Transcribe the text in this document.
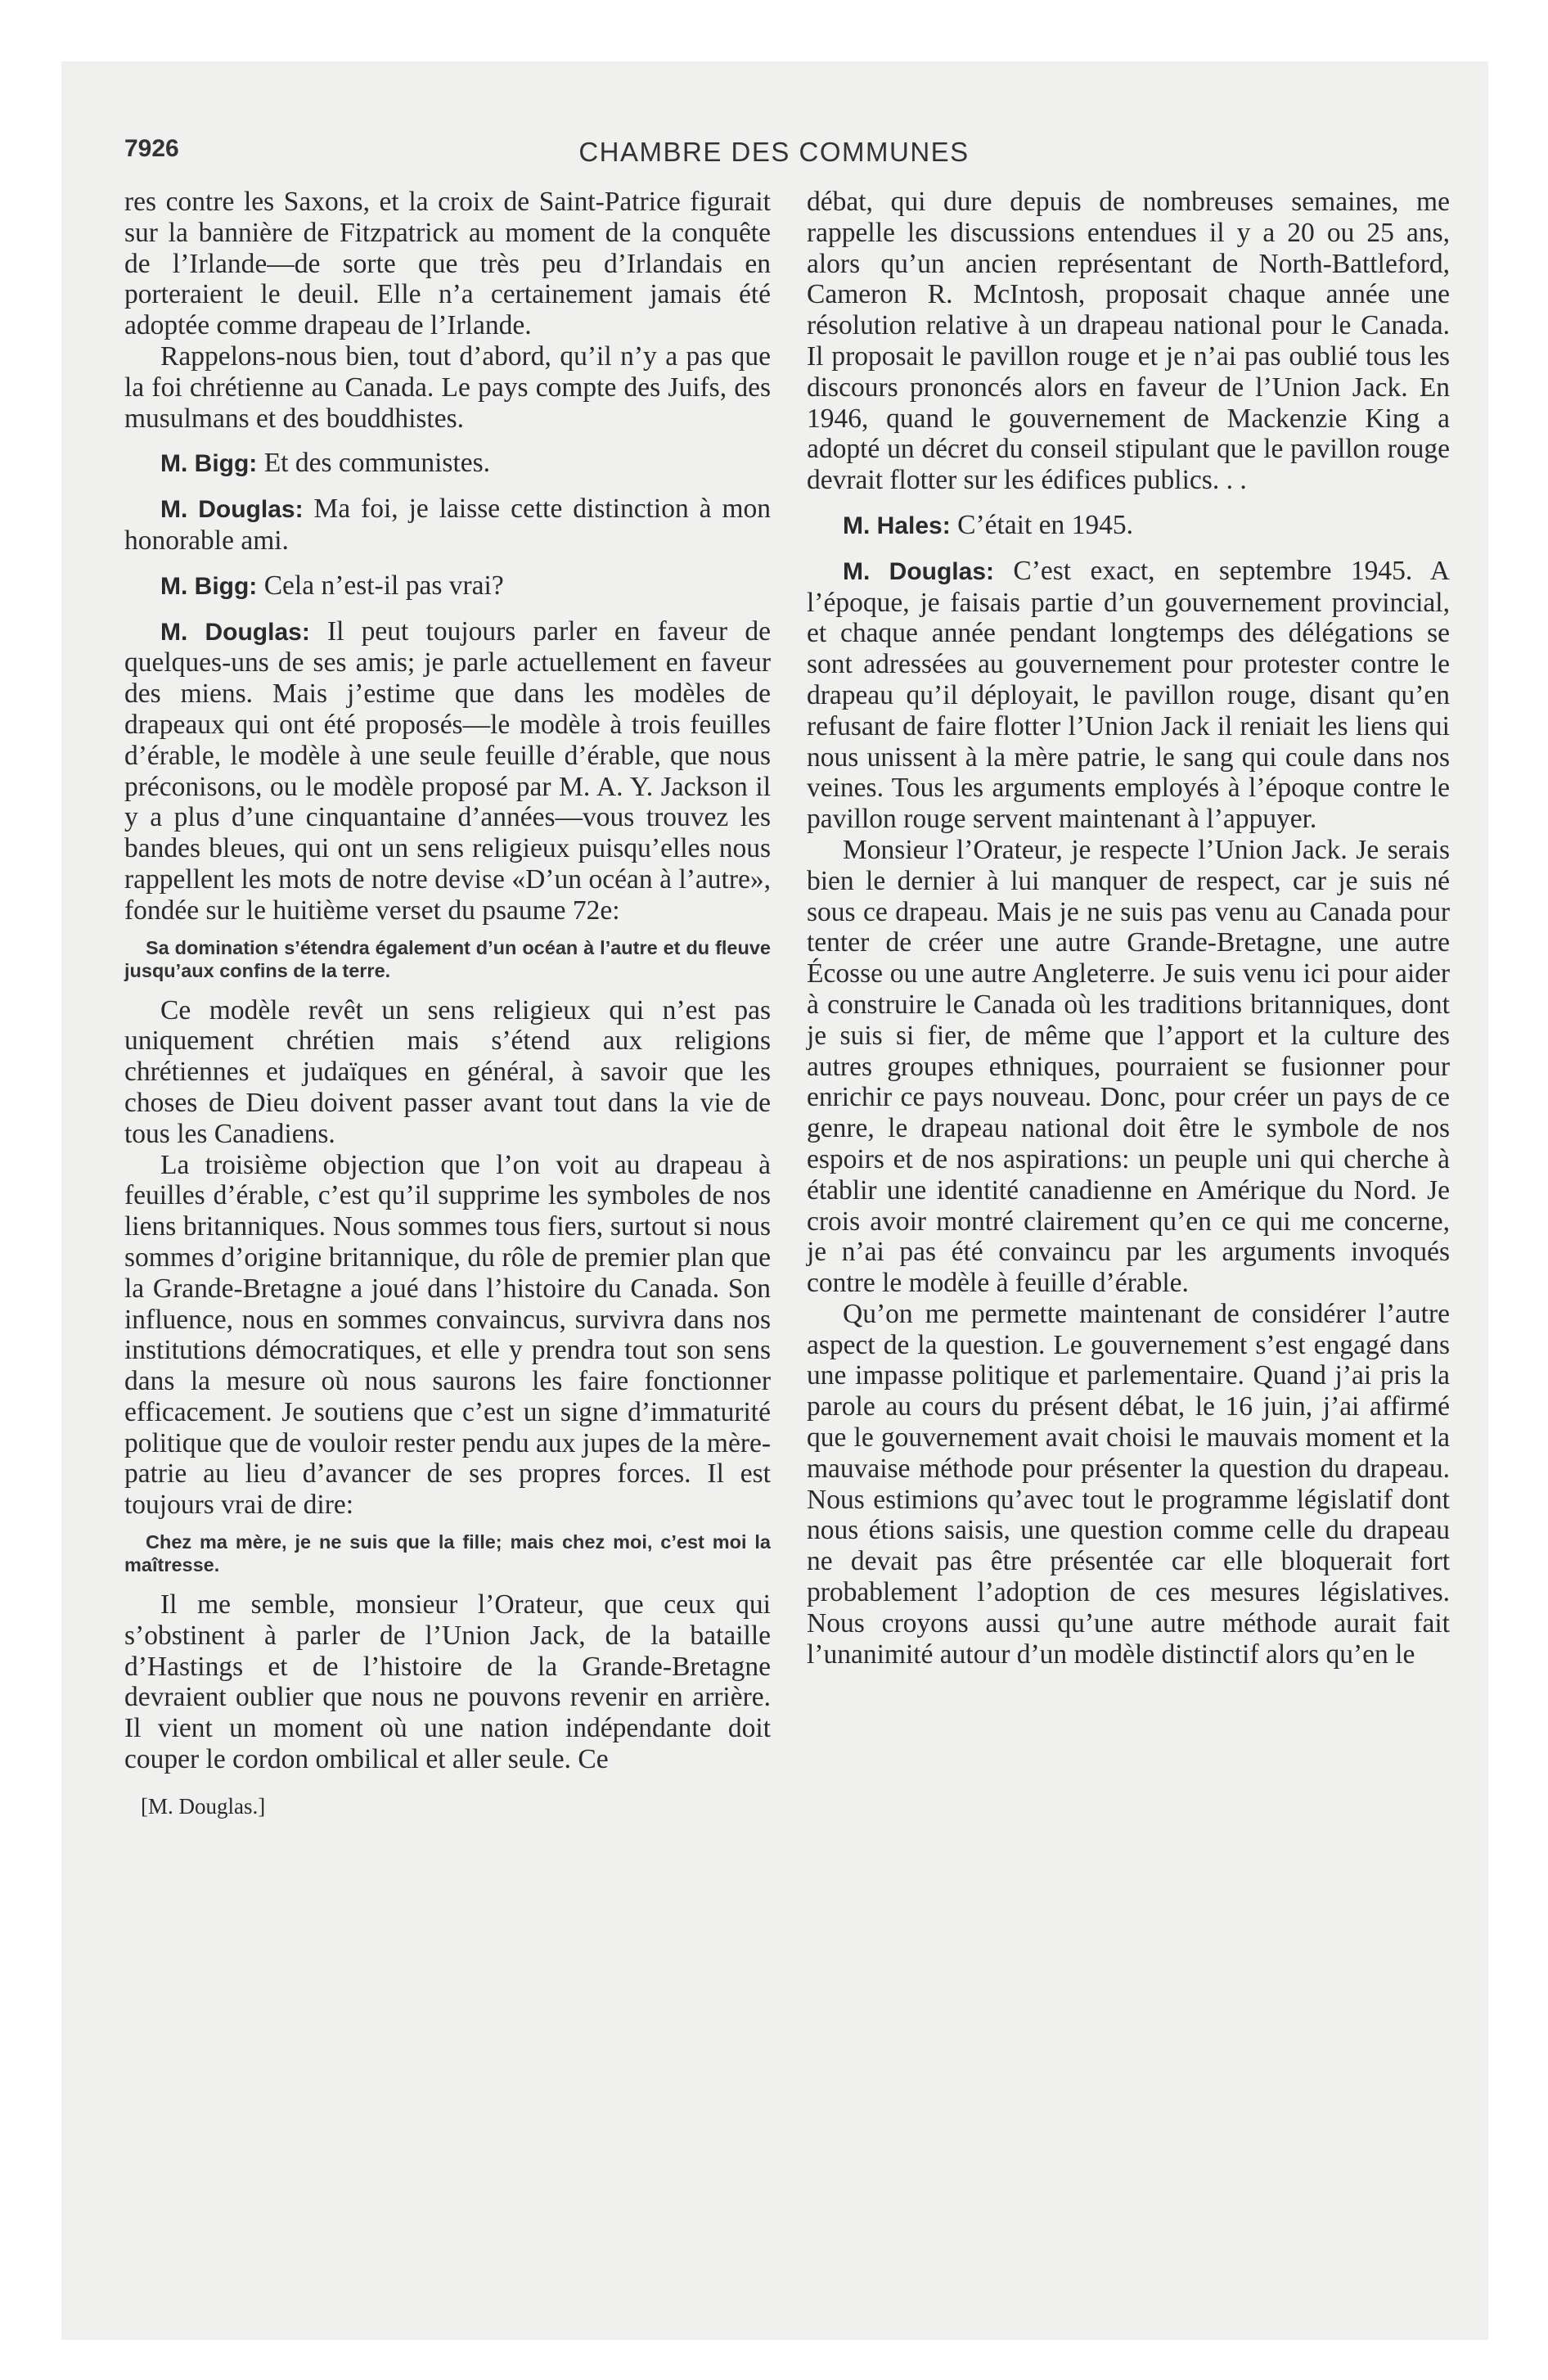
7926	CHAMBRE DES COMMUNES

res contre les Saxons, et la croix de Saint-Patrice figurait sur la bannière de Fitzpatrick au moment de la conquête de l’Irlande—de sorte que très peu d’Irlandais en porteraient le deuil. Elle n’a certainement jamais été adoptée comme drapeau de l’Irlande.

Rappelons-nous bien, tout d’abord, qu’il n’y a pas que la foi chrétienne au Canada. Le pays compte des Juifs, des musulmans et des bouddhistes.

M. Bigg: Et des communistes.

M. Douglas: Ma foi, je laisse cette distinction à mon honorable ami.

M. Bigg: Cela n’est-il pas vrai?

M. Douglas: Il peut toujours parler en faveur de quelques-uns de ses amis; je parle actuellement en faveur des miens. Mais j’estime que dans les modèles de drapeaux qui ont été proposés—le modèle à trois feuilles d’érable, le modèle à une seule feuille d’érable, que nous préconisons, ou le modèle proposé par M. A. Y. Jackson il y a plus d’une cinquantaine d’années—vous trouvez les bandes bleues, qui ont un sens religieux puisqu’elles nous rappellent les mots de notre devise «D’un océan à l’autre», fondée sur le huitième verset du psaume 72e:

Sa domination s’étendra également d’un océan à l’autre et du fleuve jusqu’aux confins de la terre.

Ce modèle revêt un sens religieux qui n’est pas uniquement chrétien mais s’étend aux religions chrétiennes et judaïques en général, à savoir que les choses de Dieu doivent passer avant tout dans la vie de tous les Canadiens.

La troisième objection que l’on voit au drapeau à feuilles d’érable, c’est qu’il supprime les symboles de nos liens britanniques. Nous sommes tous fiers, surtout si nous sommes d’origine britannique, du rôle de premier plan que la Grande-Bretagne a joué dans l’histoire du Canada. Son influence, nous en sommes convaincus, survivra dans nos institutions démocratiques, et elle y prendra tout son sens dans la mesure où nous saurons les faire fonctionner efficacement. Je soutiens que c’est un signe d’immaturité politique que de vouloir rester pendu aux jupes de la mère-patrie au lieu d’avancer de ses propres forces. Il est toujours vrai de dire:

Chez ma mère, je ne suis que la fille; mais chez moi, c’est moi la maîtresse.

Il me semble, monsieur l’Orateur, que ceux qui s’obstinent à parler de l’Union Jack, de la bataille d’Hastings et de l’histoire de la Grande-Bretagne devraient oublier que nous ne pouvons revenir en arrière. Il vient un moment où une nation indépendante doit couper le cordon ombilical et aller seule. Ce

[M. Douglas.]

débat, qui dure depuis de nombreuses semaines, me rappelle les discussions entendues il y a 20 ou 25 ans, alors qu’un ancien représentant de North-Battleford, Cameron R. McIntosh, proposait chaque année une résolution relative à un drapeau national pour le Canada. Il proposait le pavillon rouge et je n’ai pas oublié tous les discours prononcés alors en faveur de l’Union Jack. En 1946, quand le gouvernement de Mackenzie King a adopté un décret du conseil stipulant que le pavillon rouge devrait flotter sur les édifices publics. . .

M. Hales: C’était en 1945.

M. Douglas: C’est exact, en septembre 1945. A l’époque, je faisais partie d’un gouvernement provincial, et chaque année pendant longtemps des délégations se sont adressées au gouvernement pour protester contre le drapeau qu’il déployait, le pavillon rouge, disant qu’en refusant de faire flotter l’Union Jack il reniait les liens qui nous unissent à la mère patrie, le sang qui coule dans nos veines. Tous les arguments employés à l’époque contre le pavillon rouge servent maintenant à l’appuyer.

Monsieur l’Orateur, je respecte l’Union Jack. Je serais bien le dernier à lui manquer de respect, car je suis né sous ce drapeau. Mais je ne suis pas venu au Canada pour tenter de créer une autre Grande-Bretagne, une autre Écosse ou une autre Angleterre. Je suis venu ici pour aider à construire le Canada où les traditions britanniques, dont je suis si fier, de même que l’apport et la culture des autres groupes ethniques, pourraient se fusionner pour enrichir ce pays nouveau. Donc, pour créer un pays de ce genre, le drapeau national doit être le symbole de nos espoirs et de nos aspirations: un peuple uni qui cherche à établir une identité canadienne en Amérique du Nord. Je crois avoir montré clairement qu’en ce qui me concerne, je n’ai pas été convaincu par les arguments invoqués contre le modèle à feuille d’érable.

Qu’on me permette maintenant de considérer l’autre aspect de la question. Le gouvernement s’est engagé dans une impasse politique et parlementaire. Quand j’ai pris la parole au cours du présent débat, le 16 juin, j’ai affirmé que le gouvernement avait choisi le mauvais moment et la mauvaise méthode pour présenter la question du drapeau. Nous estimions qu’avec tout le programme législatif dont nous étions saisis, une question comme celle du drapeau ne devait pas être présentée car elle bloquerait fort probablement l’adoption de ces mesures législatives. Nous croyons aussi qu’une autre méthode aurait fait l’unanimité autour d’un modèle distinctif alors qu’en le
